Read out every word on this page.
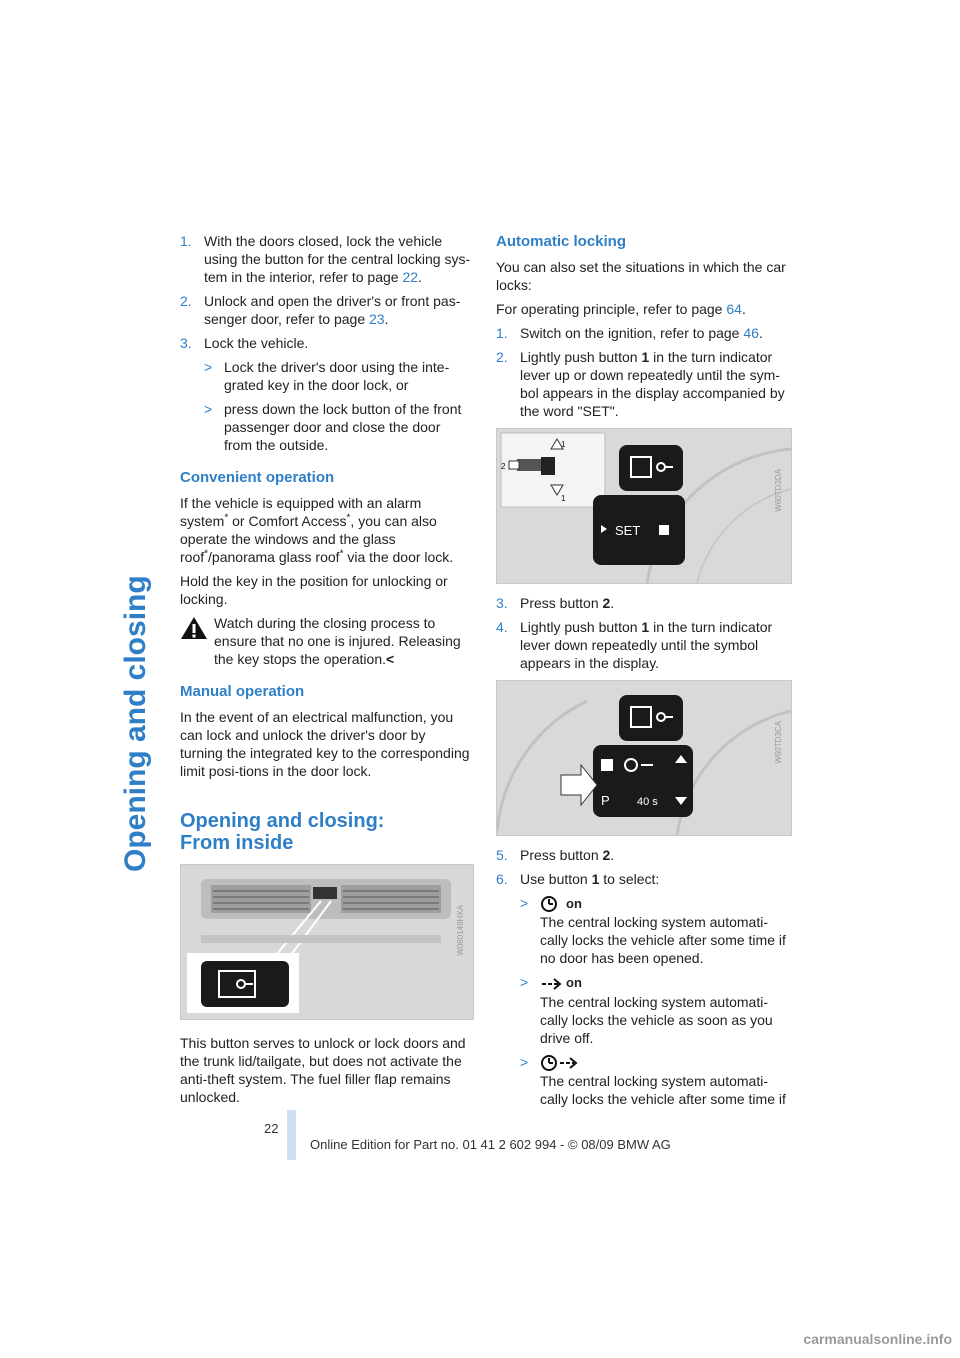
Opening and closing
1. With the doors closed, lock the vehicle using the button for the central locking sys-tem in the interior, refer to page 22.
2. Unlock and open the driver's or front pas-senger door, refer to page 23.
3. Lock the vehicle.
> Lock the driver's door using the inte-grated key in the door lock, or
> press down the lock button of the front passenger door and close the door from the outside.
Convenient operation

If the vehicle is equipped with an alarm system* or Comfort Access*, you can also operate the windows and the glass roof*/panorama glass roof* via the door lock.

Hold the key in the position for unlocking or locking.

Watch during the closing process to ensure that no one is injured. Releasing the key stops the operation.<
Manual operation

In the event of an electrical malfunction, you can lock and unlock the driver's door by turning the integrated key to the corresponding limit posi-tions in the door lock.

Opening and closing:
From inside
W060148HXA

This button serves to unlock or lock doors and the trunk lid/tailgate, but does not activate the anti-theft system. The fuel filler flap remains unlocked.

Automatic locking

You can also set the situations in which the car locks:

For operating principle, refer to page 64.

1. Switch on the ignition, refer to page 46.
2. Lightly push button 1 in the turn indicator lever up or down repeatedly until the sym-bol appears in the display accompanied by the word "SET".
2
1
1
SET
W60TD3DA
3. Press button 2.
4. Lightly push button 1 in the turn indicator lever down repeatedly until the symbol appears in the display.
P 40 s
W60TD3CA
5. Press button 2.
6. Use button 1 to select:
>	on
The central locking system automati-cally locks the vehicle after some time if no door has been opened.
>	on
The central locking system automati-cally locks the vehicle as soon as you drive off.
>

The central locking system automati-cally locks the vehicle after some time if
22
Online Edition for Part no. 01 41 2 602 994 - © 08/09 BMW AG
carmanualsonline.info
